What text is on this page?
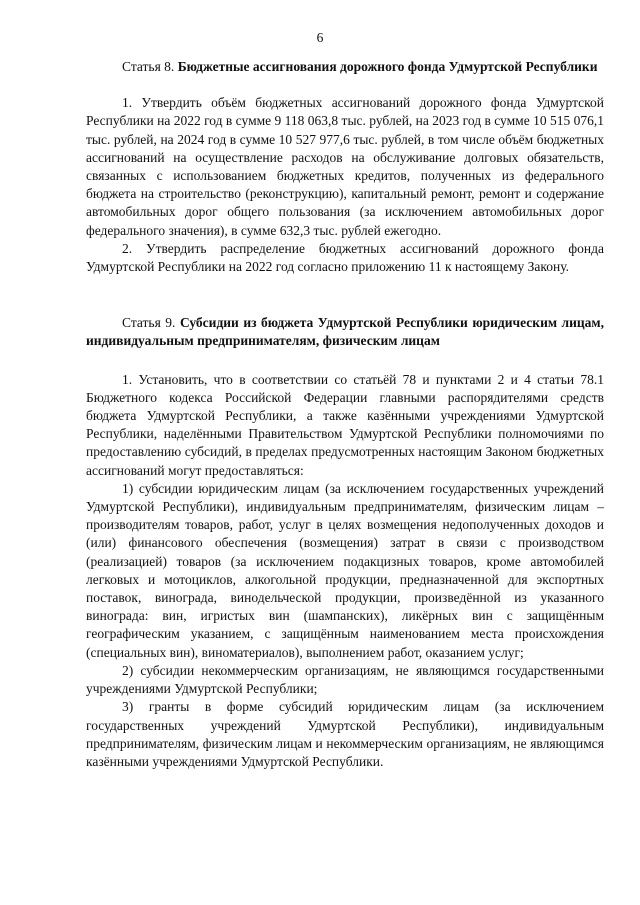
6

Статья 8. Бюджетные ассигнования дорожного фонда Удмуртской Республики

1. Утвердить объём бюджетных ассигнований дорожного фонда Удмуртской Республики на 2022 год в сумме 9 118 063,8 тыс. рублей, на 2023 год в сумме 10 515 076,1 тыс. рублей, на 2024 год в сумме 10 527 977,6 тыс. рублей, в том числе объём бюджетных ассигнований на осуществление расходов на обслуживание долговых обязательств, связанных с использованием бюджетных кредитов, полученных из федерального бюджета на строительство (реконструкцию), капитальный ремонт, ремонт и содержание автомобильных дорог общего пользования (за исключением автомобильных дорог федерального значения), в сумме 632,3 тыс. рублей ежегодно.

2. Утвердить распределение бюджетных ассигнований дорожного фонда Удмуртской Республики на 2022 год согласно приложению 11 к настоящему Закону.

Статья 9. Субсидии из бюджета Удмуртской Республики юридическим лицам, индивидуальным предпринимателям, физическим лицам

1. Установить, что в соответствии со статьёй 78 и пунктами 2 и 4 статьи 78.1 Бюджетного кодекса Российской Федерации главными распорядителями средств бюджета Удмуртской Республики, а также казёнными учреждениями Удмуртской Республики, наделёнными Правительством Удмуртской Республики полномочиями по предоставлению субсидий, в пределах предусмотренных настоящим Законом бюджетных ассигнований могут предоставляться:

1) субсидии юридическим лицам (за исключением государственных учреждений Удмуртской Республики), индивидуальным предпринимателям, физическим лицам – производителям товаров, работ, услуг в целях возмещения недополученных доходов и (или) финансового обеспечения (возмещения) затрат в связи с производством (реализацией) товаров (за исключением подакцизных товаров, кроме автомобилей легковых и мотоциклов, алкогольной продукции, предназначенной для экспортных поставок, винограда, винодельческой продукции, произведённой из указанного винограда: вин, игристых вин (шампанских), ликёрных вин с защищённым географическим указанием, с защищённым наименованием места происхождения (специальных вин), виноматериалов), выполнением работ, оказанием услуг;

2) субсидии некоммерческим организациям, не являющимся государственными учреждениями Удмуртской Республики;

3) гранты в форме субсидий юридическим лицам (за исключением государственных учреждений Удмуртской Республики), индивидуальным предпринимателям, физическим лицам и некоммерческим организациям, не являющимся казёнными учреждениями Удмуртской Республики.
